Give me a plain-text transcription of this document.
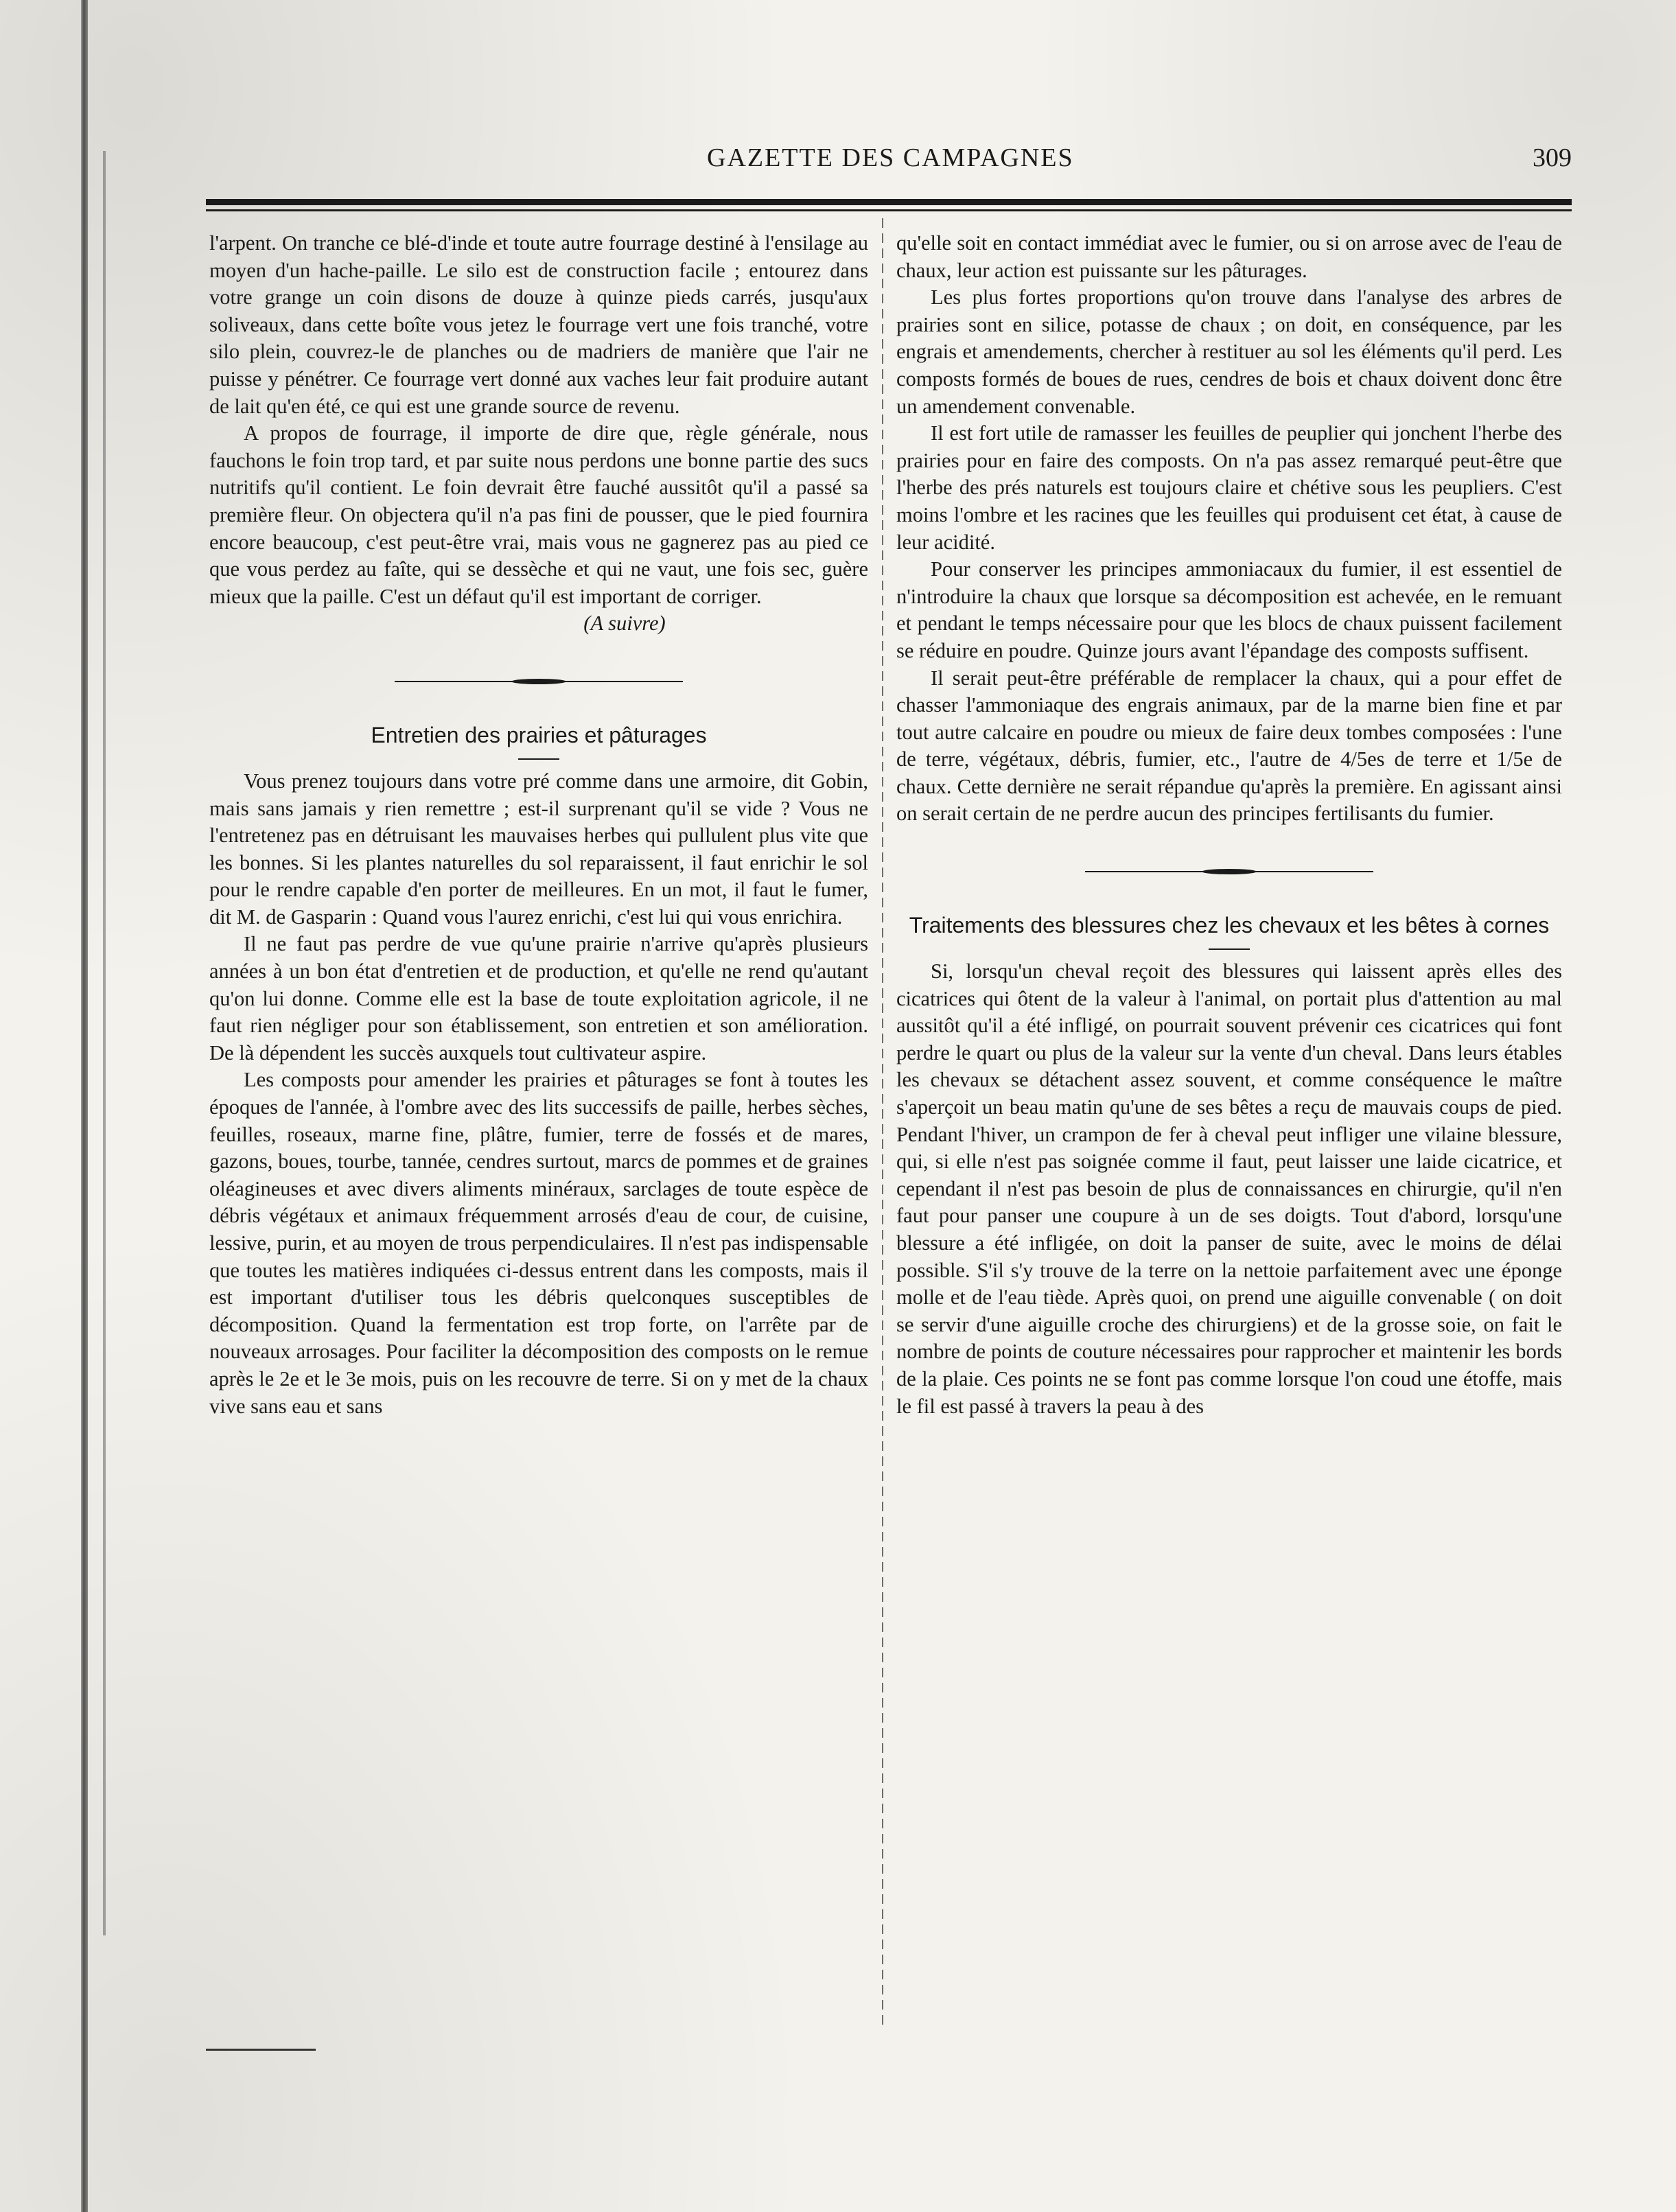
GAZETTE DES CAMPAGNES	309

l'arpent. On tranche ce blé-d'inde et toute autre fourrage destiné à l'ensilage au moyen d'un hache-paille. Le silo est de construction facile ; entourez dans votre grange un coin disons de douze à quinze pieds carrés, jusqu'aux soliveaux, dans cette boîte vous jetez le fourrage vert une fois tranché, votre silo plein, couvrez-le de planches ou de madriers de manière que l'air ne puisse y pénétrer. Ce fourrage vert donné aux vaches leur fait produire autant de lait qu'en été, ce qui est une grande source de revenu.

A propos de fourrage, il importe de dire que, règle générale, nous fauchons le foin trop tard, et par suite nous perdons une bonne partie des sucs nutritifs qu'il contient. Le foin devrait être fauché aussitôt qu'il a passé sa première fleur. On objectera qu'il n'a pas fini de pousser, que le pied fournira encore beaucoup, c'est peut-être vrai, mais vous ne gagnerez pas au pied ce que vous perdez au faîte, qui se dessèche et qui ne vaut, une fois sec, guère mieux que la paille. C'est un défaut qu'il est important de corriger.

(A suivre)

Entretien des prairies et pâturages

Vous prenez toujours dans votre pré comme dans une armoire, dit Gobin, mais sans jamais y rien remettre ; est-il surprenant qu'il se vide ? Vous ne l'entretenez pas en détruisant les mauvaises herbes qui pullulent plus vite que les bonnes. Si les plantes naturelles du sol reparaissent, il faut enrichir le sol pour le rendre capable d'en porter de meilleures. En un mot, il faut le fumer, dit M. de Gasparin : Quand vous l'aurez enrichi, c'est lui qui vous enrichira.

Il ne faut pas perdre de vue qu'une prairie n'arrive qu'après plusieurs années à un bon état d'entretien et de production, et qu'elle ne rend qu'autant qu'on lui donne. Comme elle est la base de toute exploitation agricole, il ne faut rien négliger pour son établissement, son entretien et son amélioration. De là dépendent les succès auxquels tout cultivateur aspire.

Les composts pour amender les prairies et pâturages se font à toutes les époques de l'année, à l'ombre avec des lits successifs de paille, herbes sèches, feuilles, roseaux, marne fine, plâtre, fumier, terre de fossés et de mares, gazons, boues, tourbe, tannée, cendres surtout, marcs de pommes et de graines oléagineuses et avec divers aliments minéraux, sarclages de toute espèce de débris végétaux et animaux fréquemment arrosés d'eau de cour, de cuisine, lessive, purin, et au moyen de trous perpendiculaires. Il n'est pas indispensable que toutes les matières indiquées ci-dessus entrent dans les composts, mais il est important d'utiliser tous les débris quelconques susceptibles de décomposition. Quand la fermentation est trop forte, on l'arrête par de nouveaux arrosages. Pour faciliter la décomposition des composts on le remue après le 2e et le 3e mois, puis on les recouvre de terre. Si on y met de la chaux vive sans eau et sans

qu'elle soit en contact immédiat avec le fumier, ou si on arrose avec de l'eau de chaux, leur action est puissante sur les pâturages.

Les plus fortes proportions qu'on trouve dans l'analyse des arbres de prairies sont en silice, potasse de chaux ; on doit, en conséquence, par les engrais et amendements, chercher à restituer au sol les éléments qu'il perd. Les composts formés de boues de rues, cendres de bois et chaux doivent donc être un amendement convenable.

Il est fort utile de ramasser les feuilles de peuplier qui jonchent l'herbe des prairies pour en faire des composts. On n'a pas assez remarqué peut-être que l'herbe des prés naturels est toujours claire et chétive sous les peupliers. C'est moins l'ombre et les racines que les feuilles qui produisent cet état, à cause de leur acidité.

Pour conserver les principes ammoniacaux du fumier, il est essentiel de n'introduire la chaux que lorsque sa décomposition est achevée, en le remuant et pendant le temps nécessaire pour que les blocs de chaux puissent facilement se réduire en poudre. Quinze jours avant l'épandage des composts suffisent.

Il serait peut-être préférable de remplacer la chaux, qui a pour effet de chasser l'ammoniaque des engrais animaux, par de la marne bien fine et par tout autre calcaire en poudre ou mieux de faire deux tombes composées : l'une de terre, végétaux, débris, fumier, etc., l'autre de 4/5es de terre et 1/5e de chaux. Cette dernière ne serait répandue qu'après la première. En agissant ainsi on serait certain de ne perdre aucun des principes fertilisants du fumier.

Traitements des blessures chez les chevaux et les bêtes à cornes

Si, lorsqu'un cheval reçoit des blessures qui laissent après elles des cicatrices qui ôtent de la valeur à l'animal, on portait plus d'attention au mal aussitôt qu'il a été infligé, on pourrait souvent prévenir ces cicatrices qui font perdre le quart ou plus de la valeur sur la vente d'un cheval. Dans leurs étables les chevaux se détachent assez souvent, et comme conséquence le maître s'aperçoit un beau matin qu'une de ses bêtes a reçu de mauvais coups de pied. Pendant l'hiver, un crampon de fer à cheval peut infliger une vilaine blessure, qui, si elle n'est pas soignée comme il faut, peut laisser une laide cicatrice, et cependant il n'est pas besoin de plus de connaissances en chirurgie, qu'il n'en faut pour panser une coupure à un de ses doigts. Tout d'abord, lorsqu'une blessure a été infligée, on doit la panser de suite, avec le moins de délai possible. S'il s'y trouve de la terre on la nettoie parfaitement avec une éponge molle et de l'eau tiède. Après quoi, on prend une aiguille convenable ( on doit se servir d'une aiguille croche des chirurgiens) et de la grosse soie, on fait le nombre de points de couture nécessaires pour rapprocher et maintenir les bords de la plaie. Ces points ne se font pas comme lorsque l'on coud une étoffe, mais le fil est passé à travers la peau à des
